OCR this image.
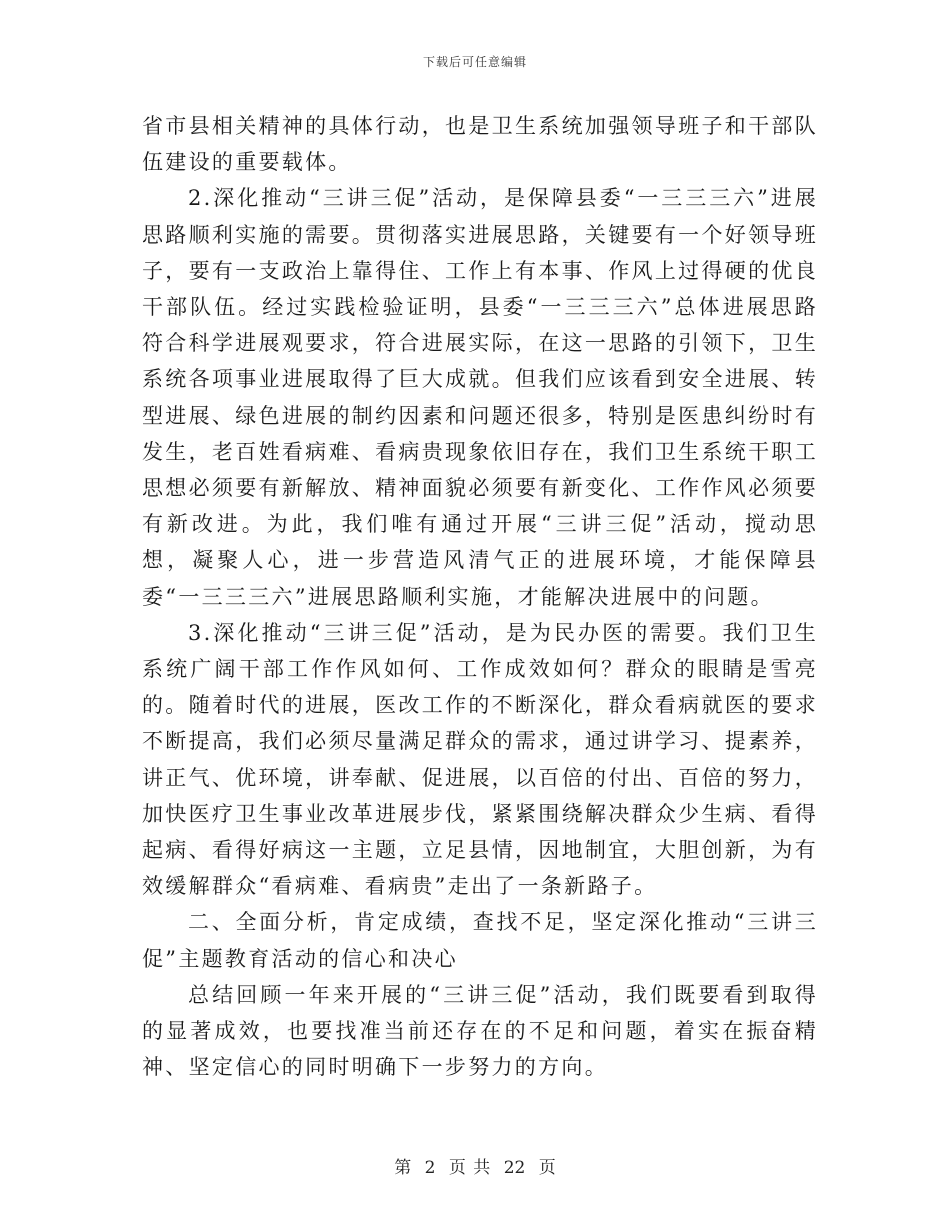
下载后可任意编辑

省市县相关精神的具体行动，也是卫生系统加强领导班子和干部队伍建设的重要载体。

2.深化推动“三讲三促”活动，是保障县委“一三三三六”进展思路顺利实施的需要。贯彻落实进展思路，关键要有一个好领导班子，要有一支政治上靠得住、工作上有本事、作风上过得硬的优良干部队伍。经过实践检验证明，县委“一三三三六”总体进展思路符合科学进展观要求，符合进展实际，在这一思路的引领下，卫生系统各项事业进展取得了巨大成就。但我们应该看到安全进展、转型进展、绿色进展的制约因素和问题还很多，特别是医患纠纷时有发生，老百姓看病难、看病贵现象依旧存在，我们卫生系统干职工思想必须要有新解放、精神面貌必须要有新变化、工作作风必须要有新改进。为此，我们唯有通过开展“三讲三促”活动，搅动思想，凝聚人心，进一步营造风清气正的进展环境，才能保障县委“一三三三六”进展思路顺利实施，才能解决进展中的问题。

3.深化推动“三讲三促”活动，是为民办医的需要。我们卫生系统广阔干部工作作风如何、工作成效如何？群众的眼睛是雪亮的。随着时代的进展，医改工作的不断深化，群众看病就医的要求不断提高，我们必须尽量满足群众的需求，通过讲学习、提素养，讲正气、优环境，讲奉献、促进展，以百倍的付出、百倍的努力，加快医疗卫生事业改革进展步伐，紧紧围绕解决群众少生病、看得起病、看得好病这一主题，立足县情，因地制宜，大胆创新，为有效缓解群众“看病难、看病贵”走出了一条新路子。

二、全面分析，肯定成绩，查找不足，坚定深化推动“三讲三促”主题教育活动的信心和决心

总结回顾一年来开展的“三讲三促”活动，我们既要看到取得的显著成效，也要找准当前还存在的不足和问题，着实在振奋精神、坚定信心的同时明确下一步努力的方向。

第 2 页 共 22 页
